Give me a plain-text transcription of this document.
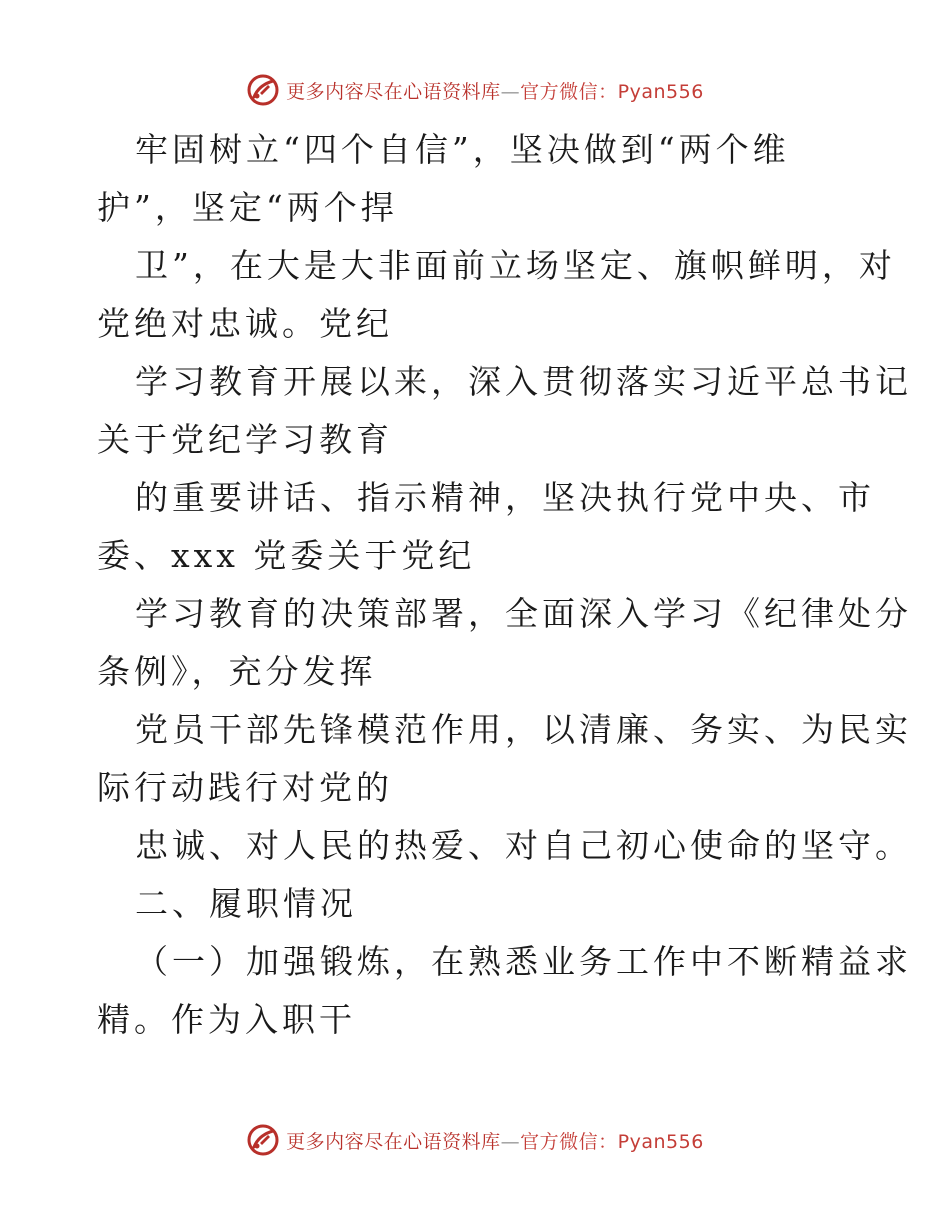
更多内容尽在心语资料库—官方微信：Pyan556
牢固树立“四个自信”，坚决做到“两个维
护”，坚定“两个捍
卫”，在大是大非面前立场坚定、旗帜鲜明，对
党绝对忠诚。党纪
学习教育开展以来，深入贯彻落实习近平总书记
关于党纪学习教育
的重要讲话、指示精神，坚决执行党中央、市
委、xxx 党委关于党纪
学习教育的决策部署，全面深入学习《纪律处分
条例》，充分发挥
党员干部先锋模范作用，以清廉、务实、为民实
际行动践行对党的
忠诚、对人民的热爱、对自己初心使命的坚守。
二、履职情况
（一）加强锻炼，在熟悉业务工作中不断精益求
精。作为入职干
更多内容尽在心语资料库—官方微信：Pyan556
